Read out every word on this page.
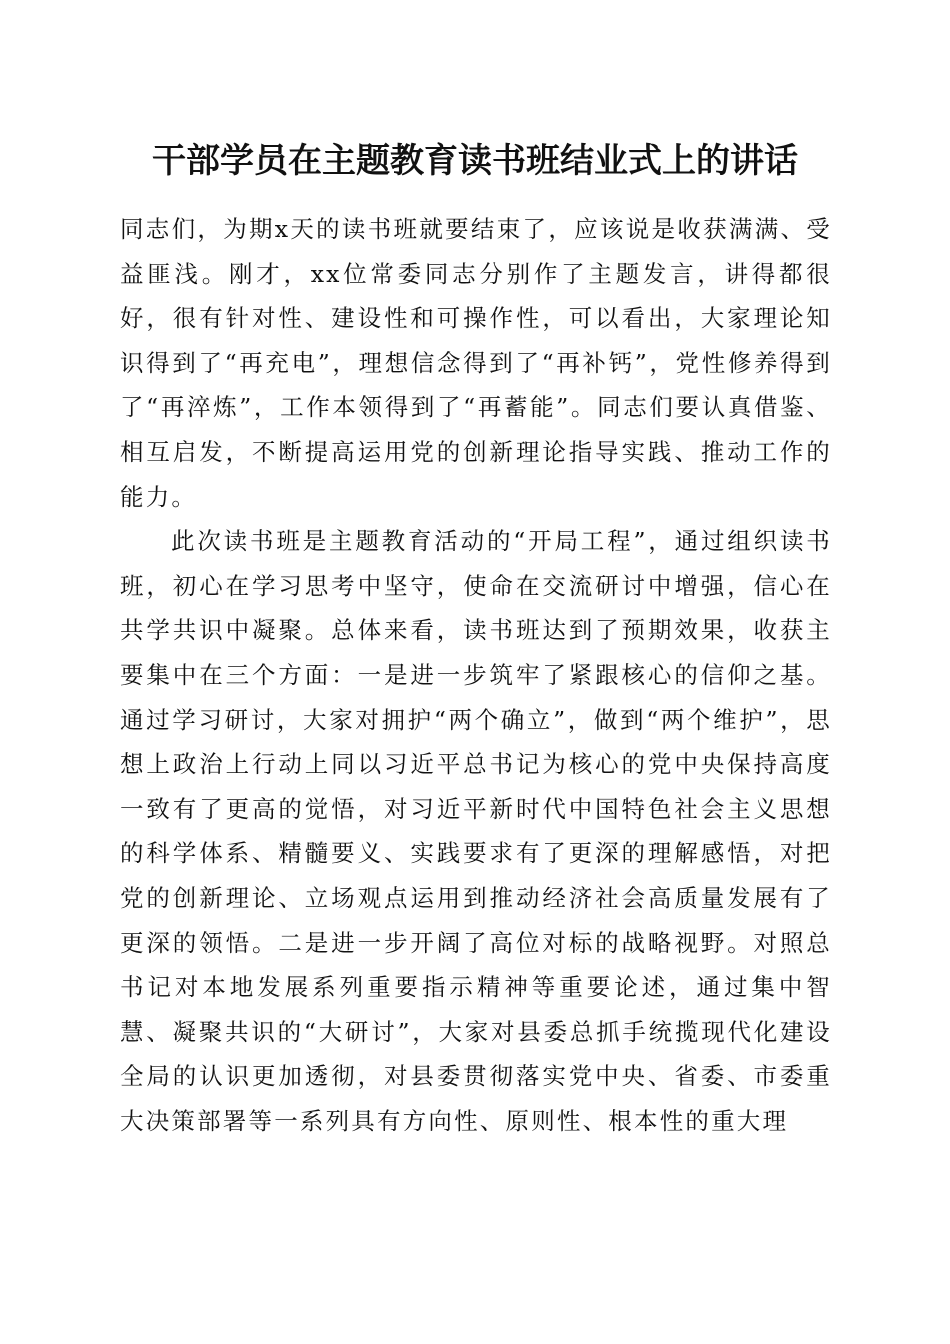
干部学员在主题教育读书班结业式上的讲话

同志们，为期x天的读书班就要结束了，应该说是收获满满、受益匪浅。刚才，xx位常委同志分别作了主题发言，讲得都很好，很有针对性、建设性和可操作性，可以看出，大家理论知识得到了“再充电”，理想信念得到了“再补钙”，党性修养得到了“再淬炼”，工作本领得到了“再蓄能”。同志们要认真借鉴、相互启发，不断提高运用党的创新理论指导实践、推动工作的能力。

此次读书班是主题教育活动的“开局工程”，通过组织读书班，初心在学习思考中坚守，使命在交流研讨中增强，信心在共学共识中凝聚。总体来看，读书班达到了预期效果，收获主要集中在三个方面：一是进一步筑牢了紧跟核心的信仰之基。通过学习研讨，大家对拥护“两个确立”，做到“两个维护”，思想上政治上行动上同以习近平总书记为核心的党中央保持高度一致有了更高的觉悟，对习近平新时代中国特色社会主义思想的科学体系、精髓要义、实践要求有了更深的理解感悟，对把党的创新理论、立场观点运用到推动经济社会高质量发展有了更深的领悟。二是进一步开阔了高位对标的战略视野。对照总书记对本地发展系列重要指示精神等重要论述，通过集中智慧、凝聚共识的“大研讨”，大家对县委总抓手统揽现代化建设全局的认识更加透彻，对县委贯彻落实党中央、省委、市委重大决策部署等一系列具有方向性、原则性、根本性的重大理
